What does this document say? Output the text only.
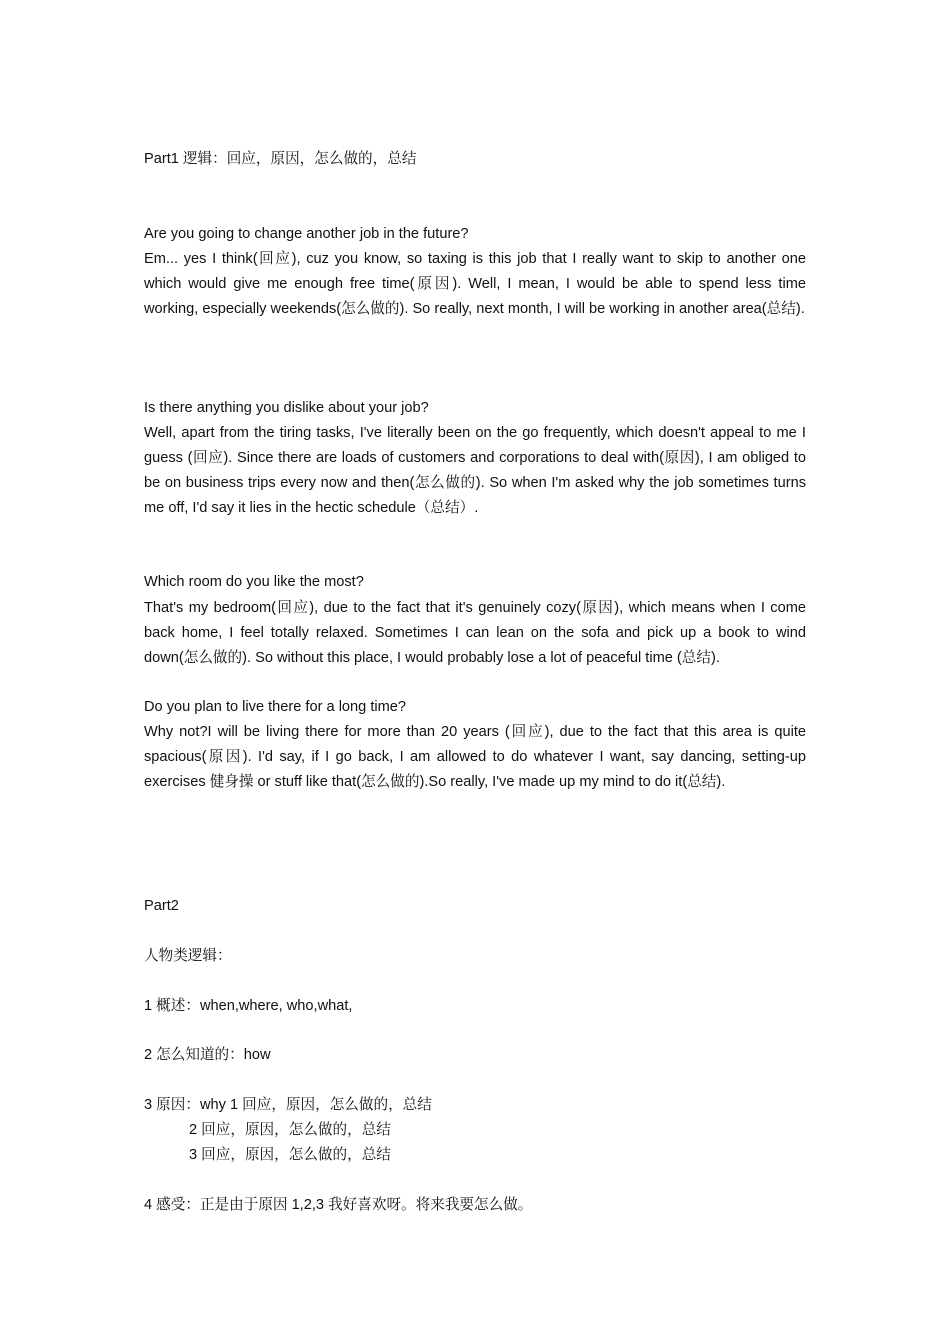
Part1 逻辑：回应，原因，怎么做的，总结
Are you going to change another job in the future?
Em... yes I think(回应), cuz you know, so taxing is this job that I really want to skip to another one which would give me enough free time(原因). Well, I mean, I would be able to spend less time working, especially weekends(怎么做的). So really, next month, I will be working in another area(总结).
Is there anything you dislike about your job?
Well, apart from the tiring tasks, I've literally been on the go frequently, which doesn't appeal to me I guess (回应). Since there are loads of customers and corporations to deal with(原因), I am obliged to be on business trips every now and then(怎么做的). So when I'm asked why the job sometimes turns me off, I'd say it lies in the hectic schedule（总结）.
Which room do you like the most?
That's my bedroom(回应), due to the fact that it's genuinely cozy(原因), which means when I come back home, I feel totally relaxed. Sometimes I can lean on the sofa and pick up a book to wind down(怎么做的). So without this place, I would probably lose a lot of peaceful time (总结).
Do you plan to live there for a long time?
Why not?I will be living there for more than 20 years (回应), due to the fact that this area is quite spacious(原因). I'd say, if I go back, I am allowed to do whatever I want, say dancing, setting-up exercises 健身操 or stuff like that(怎么做的).So really, I've made up my mind to do it(总结).
Part2
人物类逻辑：
1 概述：when,where, who,what,
2 怎么知道的：how
3 原因：why 1 回应，原因，怎么做的，总结
2 回应，原因，怎么做的，总结
3 回应，原因，怎么做的，总结
4 感受：正是由于原因 1,2,3 我好喜欢呀。将来我要怎么做。
